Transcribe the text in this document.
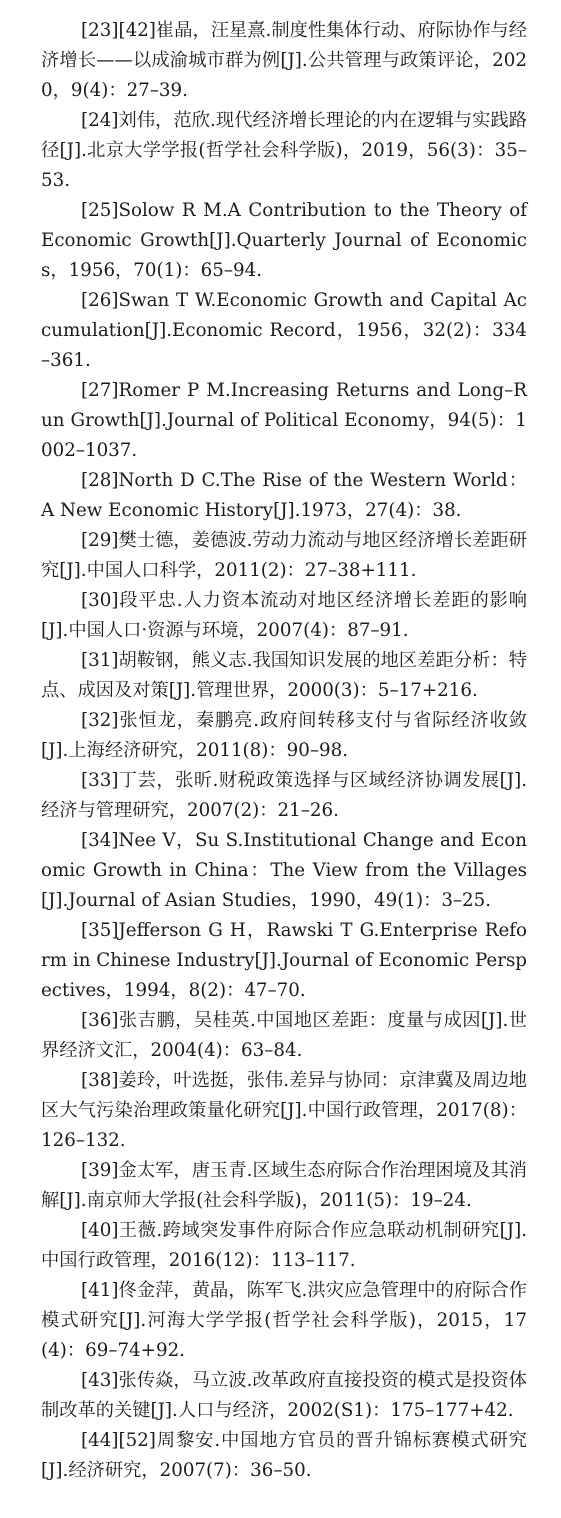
[23][42]崔晶，汪星熹.制度性集体行动、府际协作与经济增长——以成渝城市群为例[J].公共管理与政策评论，2020，9(4)：27–39.
[24]刘伟，范欣.现代经济增长理论的内在逻辑与实践路径[J].北京大学学报(哲学社会科学版)，2019，56(3)：35–53.
[25]Solow R M.A Contribution to the Theory of Economic Growth[J].Quarterly Journal of Economics，1956，70(1)：65–94.
[26]Swan T W.Economic Growth and Capital Accumulation[J].Economic Record，1956，32(2)：334–361.
[27]Romer P M.Increasing Returns and Long–Run Growth[J].Journal of Political Economy，94(5)：1002–1037.
[28]North D C.The Rise of the Western World：A New Economic History[J].1973，27(4)：38.
[29]樊士德，姜德波.劳动力流动与地区经济增长差距研究[J].中国人口科学，2011(2)：27–38+111.
[30]段平忠.人力资本流动对地区经济增长差距的影响[J].中国人口·资源与环境，2007(4)：87–91.
[31]胡鞍钢，熊义志.我国知识发展的地区差距分析：特点、成因及对策[J].管理世界，2000(3)：5–17+216.
[32]张恒龙，秦鹏亮.政府间转移支付与省际经济收敛[J].上海经济研究，2011(8)：90–98.
[33]丁芸，张昕.财税政策选择与区域经济协调发展[J].经济与管理研究，2007(2)：21–26.
[34]Nee V，Su S.Institutional Change and Economic Growth in China：The View from the Villages[J].Journal of Asian Studies，1990，49(1)：3–25.
[35]Jefferson G H，Rawski T G.Enterprise Reform in Chinese Industry[J].Journal of Economic Perspectives，1994，8(2)：47–70.
[36]张吉鹏，吴桂英.中国地区差距：度量与成因[J].世界经济文汇，2004(4)：63–84.
[38]姜玲，叶选挺，张伟.差异与协同：京津冀及周边地区大气污染治理政策量化研究[J].中国行政管理，2017(8)：126–132.
[39]金太军，唐玉青.区域生态府际合作治理困境及其消解[J].南京师大学报(社会科学版)，2011(5)：19–24.
[40]王薇.跨域突发事件府际合作应急联动机制研究[J].中国行政管理，2016(12)：113–117.
[41]佟金萍，黄晶，陈军飞.洪灾应急管理中的府际合作模式研究[J].河海大学学报(哲学社会科学版)，2015，17(4)：69–74+92.
[43]张传焱，马立波.改革政府直接投资的模式是投资体制改革的关键[J].人口与经济，2002(S1)：175–177+42.
[44][52]周黎安.中国地方官员的晋升锦标赛模式研究[J].经济研究，2007(7)：36–50.
